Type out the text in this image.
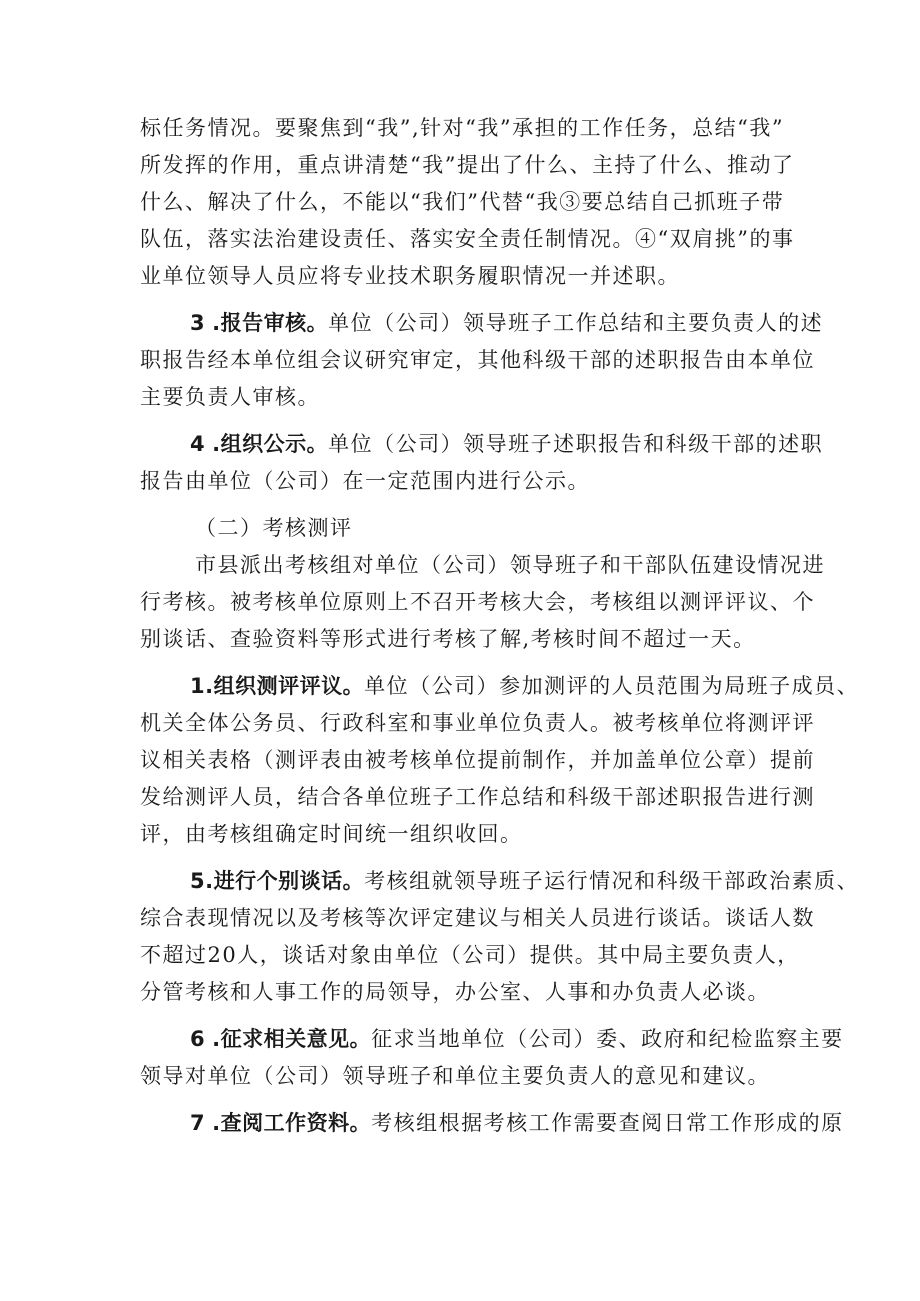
标任务情况。要聚焦到“我”,针对“我”承担的工作任务，总结“我”
所发挥的作用，重点讲清楚“我”提出了什么、主持了什么、推动了
什么、解决了什么，不能以“我们”代替“我③要总结自己抓班子带
队伍，落实法治建设责任、落实安全责任制情况。④“双肩挑”的事
业单位领导人员应将专业技术职务履职情况一并述职。
3 .报告审核。单位（公司）领导班子工作总结和主要负责人的述
职报告经本单位组会议研究审定，其他科级干部的述职报告由本单位
主要负责人审核。
4 .组织公示。单位（公司）领导班子述职报告和科级干部的述职
报告由单位（公司）在一定范围内进行公示。
（二）考核测评
市县派出考核组对单位（公司）领导班子和干部队伍建设情况进
行考核。被考核单位原则上不召开考核大会，考核组以测评评议、个
别谈话、查验资料等形式进行考核了解,考核时间不超过一天。
1.组织测评评议。单位（公司）参加测评的人员范围为局班子成员、
机关全体公务员、行政科室和事业单位负责人。被考核单位将测评评
议相关表格（测评表由被考核单位提前制作，并加盖单位公章）提前
发给测评人员，结合各单位班子工作总结和科级干部述职报告进行测
评，由考核组确定时间统一组织收回。
5.进行个别谈话。考核组就领导班子运行情况和科级干部政治素质、
综合表现情况以及考核等次评定建议与相关人员进行谈话。谈话人数
不超过20人，谈话对象由单位（公司）提供。其中局主要负责人，
分管考核和人事工作的局领导，办公室、人事和办负责人必谈。
6 .征求相关意见。征求当地单位（公司）委、政府和纪检监察主要
领导对单位（公司）领导班子和单位主要负责人的意见和建议。
7 .查阅工作资料。考核组根据考核工作需要查阅日常工作形成的原
